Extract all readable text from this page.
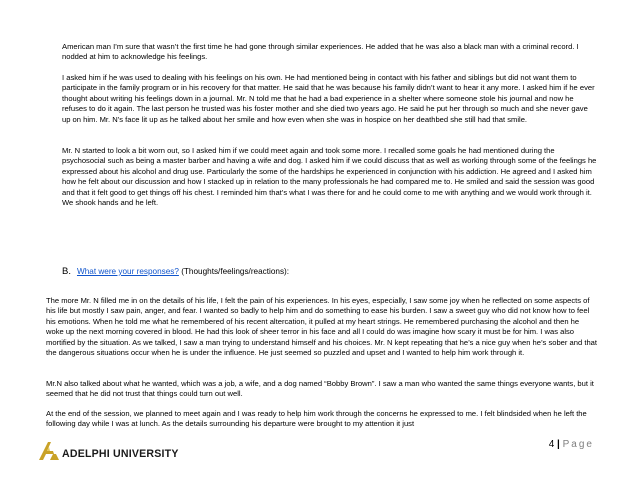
American man I’m sure that wasn’t the first time he had gone through similar experiences. He added that he was also a black man with a criminal record. I nodded at him to acknowledge his feelings.

I asked him if he was used to dealing with his feelings on his own. He had mentioned being in contact with his father and siblings but did not want them to participate in the family program or in his recovery for that matter. He said that he was because his family didn’t want to hear it any more. I asked him if he ever thought about writing his feelings down in a journal. Mr. N told me that he had a bad experience in a shelter where someone stole his journal and now he refuses to do it again. The last person he trusted was his foster mother and she died two years ago. He said he put her through so much and she never gave up on him. Mr. N’s face lit up as he talked about her smile and how even when she was in hospice on her deathbed she still had that smile.

Mr. N started to look a bit worn out, so I asked him if we could meet again and took some more. I recalled some goals he had mentioned during the psychosocial such as being a master barber and having a wife and dog. I asked him if we could discuss that as well as working through some of the feelings he expressed about his alcohol and drug use. Particularly the some of the hardships he experienced in conjunction with his addiction. He agreed and I asked him how he felt about our discussion and how I stacked up in relation to the many professionals he had compared me to. He smiled and said the session was good and that it felt good to get things off his chest. I reminded him that’s what I was there for and he could come to me with anything and we would work through it. We shook hands and he left.

B. What were your responses? (Thoughts/feelings/reactions):

The more Mr. N filled me in on the details of his life, I felt the pain of his experiences. In his eyes, especially, I saw some joy when he reflected on some aspects of his life but mostly I saw pain, anger, and fear. I wanted so badly to help him and do something to ease his burden. I saw a sweet guy who did not know how to feel his emotions. When he told me what he remembered of his recent altercation, it pulled at my heart strings. He remembered purchasing the alcohol and then he woke up the next morning covered in blood. He had this look of sheer terror in his face and all I could do was imagine how scary it must be for him. I was also mortified by the situation. As we talked, I saw a man trying to understand himself and his choices. Mr. N kept repeating that he’s a nice guy when he’s sober and that the dangerous situations occur when he is under the influence. He just seemed so puzzled and upset and I wanted to help him work through it.

Mr.N also talked about what he wanted, which was a job, a wife, and a dog named “Bobby Brown”. I saw a man who wanted the same things everyone wants, but it seemed that he did not trust that things could turn out well.

At the end of the session, we planned to meet again and I was ready to help him work through the concerns he expressed to me. I felt blindsided when he left the following day while I was at lunch. As the details surrounding his departure were brought to my attention it just

4 | Page
ADELPHI UNIVERSITY
